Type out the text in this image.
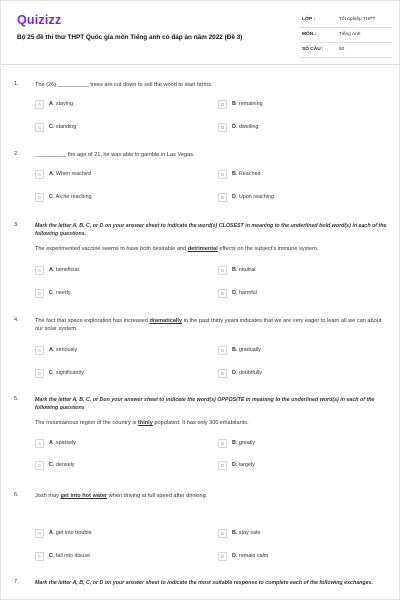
Quizizz
Bộ 25 đề thi thử THPT Quốc gia môn Tiếng anh có đáp án năm 2022 (Đề 3)
LỚP :	Tốt nghiệp THPT
MÔN :	Tiếng Anh
SỐ CÂU :	50
1.	The (26) __________ trees are cut down to sell the wood to start farms.
A	A. staying	B	B. remaining
C	C. standing	D	D. dwelling
2.	__________ the age of 21, he was able to gamble in Las Vegas.
A	A. When reached	B	B. Reached
C	C. As he reaching	D	D. Upon reaching
3.	Mark the letter A, B, C, or D on your answer sheet to indicate the word(s) CLOSEST in meaning to the underlined bold word(s) in each of the following questions.
The experimented vaccine seems to have both desirable and detrimental effects on the subject's immune system.
A	A. beneficial	B	B. neutral
C	C. needy	D	D. harmful
4.	The fact that space exploration has increased dramatically in the past thirty years indicates that we are very eager to learn all we can about our solar system.
A	A. seriously	B	B. gradually
C	C. significantly	D	D. doubtfully
5.	Mark the letter A, B, C, or Don your answer sheet to indicate the word(s) OPPOSITE in meaning to the underlined word(s) in each of the following questions
The mountainous region of the country is thinly populated. It has only 300 inhabitants.
A	A. sparsely	B	B. greatly
C	C. densely	D	D. largely
6.	Josh may get into hot water when driving at full speed after drinking.
A	A. get into trouble	B	B. stay safe
C	C. fall into disuse	D	D. remain calm
7.	Mark the letter A, B, C, or D on your answer sheet to indicate the most suitable response to complete each of the following exchanges.
